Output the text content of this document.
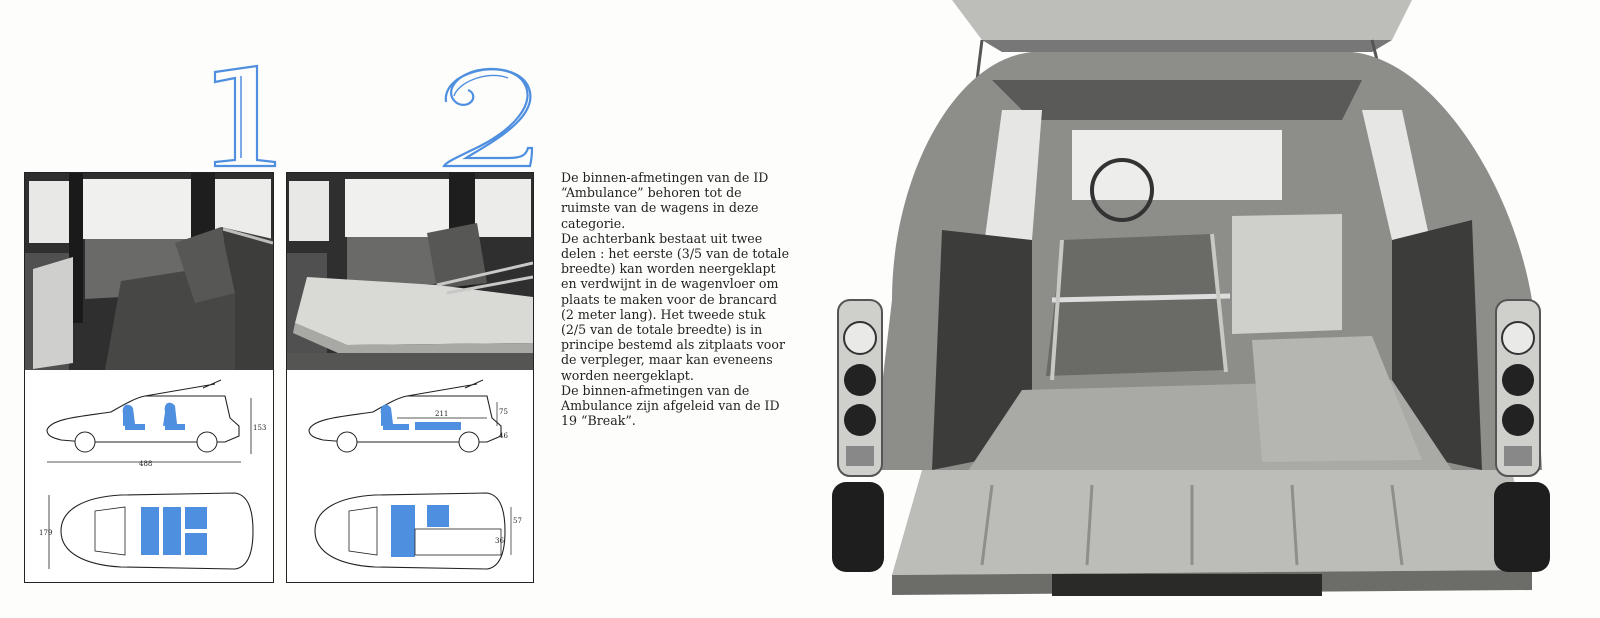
153
488
179
211	75
46
57
36

De binnen-afmetingen van de ID “Ambulance” behoren tot de ruimste van de wagens in deze categorie.

De achterbank bestaat uit twee delen : het eerste (3/5 van de totale breedte) kan worden neergeklapt en verdwijnt in de wagenvloer om plaats te maken voor de brancard (2 meter lang). Het tweede stuk (2/5 van de totale breedte) is in principe bestemd als zitplaats voor de verpleger, maar kan eveneens worden neergeklapt.

De binnen-afmetingen van de Ambulance zijn afgeleid van de ID 19 “Break”.
